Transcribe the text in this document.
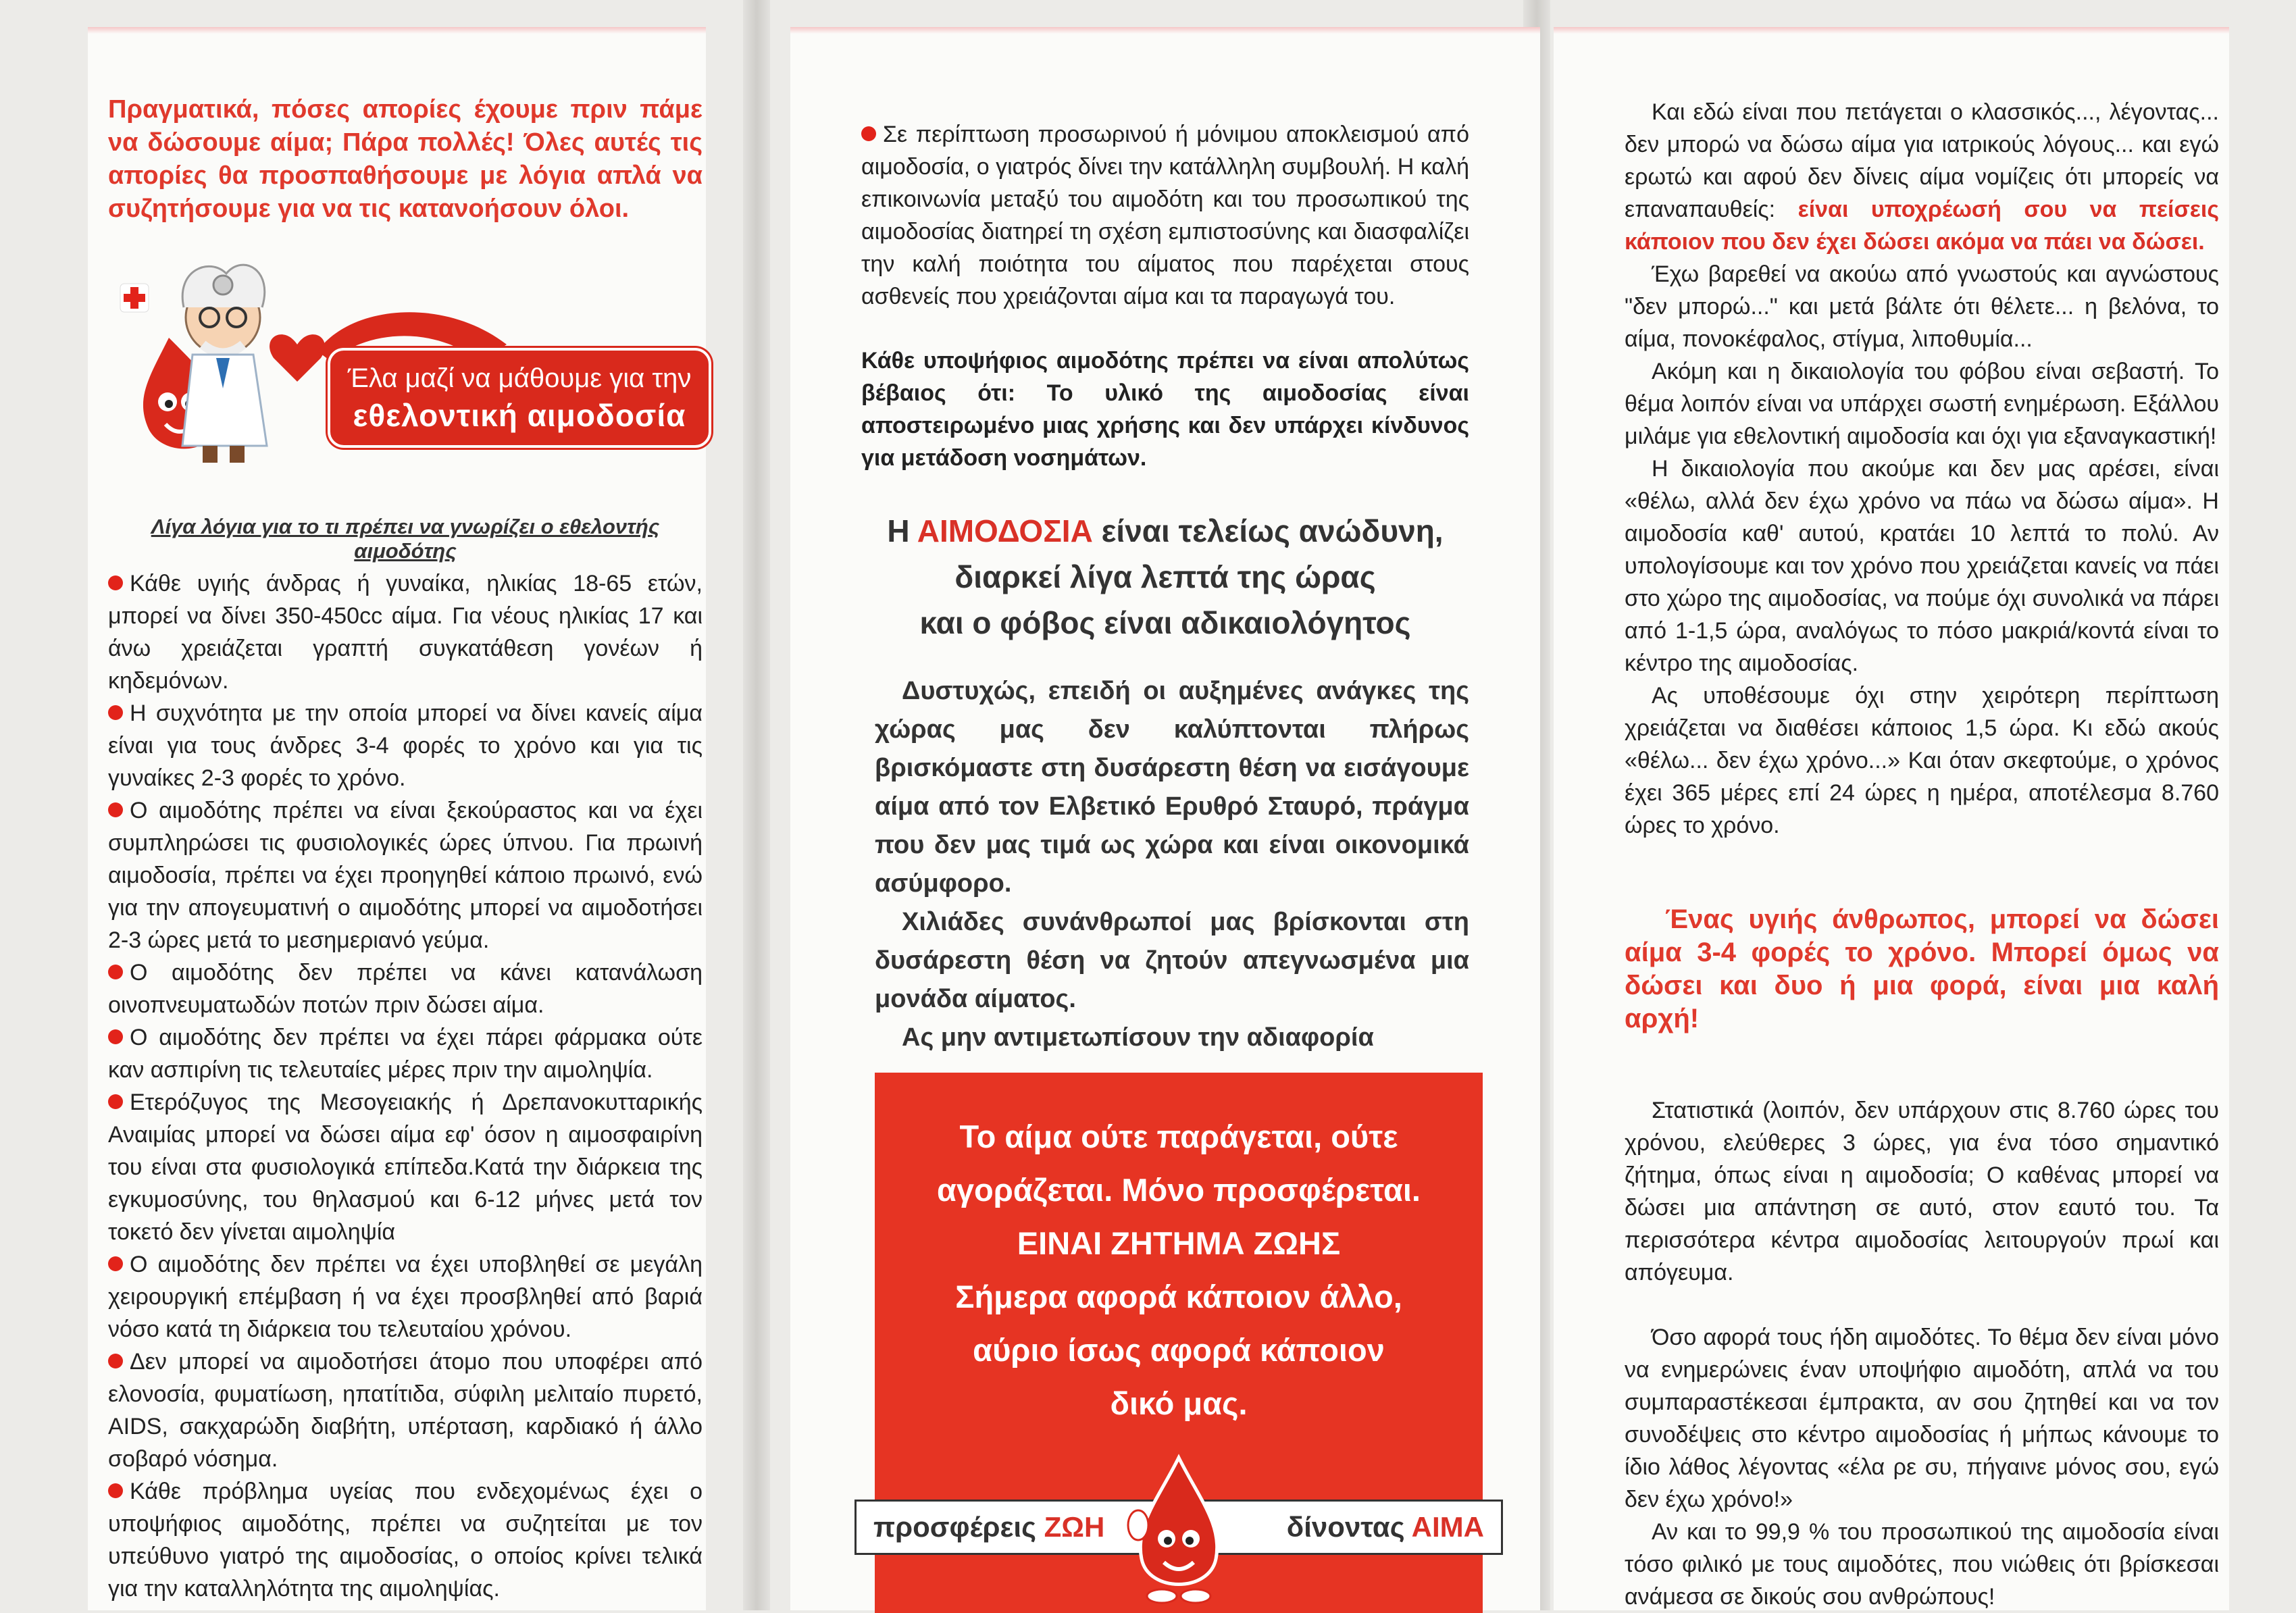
Πραγματικά, πόσες απορίες έχουμε πριν πάμε να δώσουμε αίμα; Πάρα πολλές! Όλες αυτές τις απορίες θα προσπαθήσουμε με λόγια απλά να συζητήσουμε για να τις κατανοήσουν όλοι.
Έλα μαζί να μάθουμε για την
εθελοντική αιμοδοσία
Λίγα λόγια για το τι πρέπει να γνωρίζει ο εθελοντής αιμοδότης
Κάθε υγιής άνδρας ή γυναίκα, ηλικίας 18-65 ετών, μπορεί να δίνει 350-450cc αίμα. Για νέους ηλικίας 17 και άνω χρειάζεται γραπτή συγκατάθεση γονέων ή κηδεμόνων.
Η συχνότητα με την οποία μπορεί να δίνει κανείς αίμα είναι για τους άνδρες 3-4 φορές το χρόνο και για τις γυναίκες 2-3 φορές το χρόνο.
Ο αιμοδότης πρέπει να είναι ξεκούραστος και να έχει συμπληρώσει τις φυσιολογικές ώρες ύπνου. Για πρωινή αιμοδοσία, πρέπει να έχει προηγηθεί κάποιο πρωινό, ενώ για την απογευματινή ο αιμοδότης μπορεί να αιμοδοτήσει 2-3 ώρες μετά το μεσημεριανό γεύμα.
Ο αιμοδότης δεν πρέπει να κάνει κατανάλωση οινοπνευματωδών ποτών πριν δώσει αίμα.
Ο αιμοδότης δεν πρέπει να έχει πάρει φάρμακα ούτε καν ασπιρίνη τις τελευταίες μέρες πριν την αιμοληψία.
Ετερόζυγος της Μεσογειακής ή Δρεπανοκυτταρικής Αναιμίας μπορεί να δώσει αίμα εφ' όσον η αιμοσφαιρίνη του είναι στα φυσιολογικά επίπεδα.Κατά την διάρκεια της εγκυμοσύνης, του θηλασμού και 6-12 μήνες μετά τον τοκετό δεν γίνεται αιμοληψία
Ο αιμοδότης δεν πρέπει να έχει υποβληθεί σε μεγάλη χειρουργική επέμβαση ή να έχει προσβληθεί από βαριά νόσο κατά τη διάρκεια του τελευταίου χρόνου.
Δεν μπορεί να αιμοδοτήσει άτομο που υποφέρει από ελονοσία, φυματίωση, ηπατίτιδα, σύφιλη μελιταίο πυρετό, AIDS, σακχαρώδη διαβήτη, υπέρταση, καρδιακό ή άλλο σοβαρό νόσημα.
Κάθε πρόβλημα υγείας που ενδεχομένως έχει ο υποψήφιος αιμοδότης, πρέπει να συζητείται με τον υπεύθυνο γιατρό της αιμοδοσίας, ο οποίος κρίνει τελικά για την καταλληλότητα της αιμοληψίας.
Σε περίπτωση προσωρινού ή μόνιμου αποκλεισμού από αιμοδοσία, ο γιατρός δίνει την κατάλληλη συμβουλή. Η καλή επικοινωνία μεταξύ του αιμοδότη και του προσωπικού της αιμοδοσίας διατηρεί τη σχέση εμπιστοσύνης και διασφαλίζει την καλή ποιότητα του αίματος που παρέχεται στους ασθενείς που χρειάζονται αίμα και τα παραγωγά του.

Κάθε υποψήφιος αιμοδότης πρέπει να είναι απολύτως βέβαιος ότι: Το υλικό της αιμοδοσίας είναι αποστειρωμένο μιας χρήσης και δεν υπάρχει κίνδυνος για μετάδοση νοσημάτων.

Η ΑΙΜΟΔΟΣΙΑ είναι τελείως ανώδυνη,
διαρκεί λίγα λεπτά της ώρας
και ο φόβος είναι αδικαιολόγητος

Δυστυχώς, επειδή οι αυξημένες ανάγκες της χώρας μας δεν καλύπτονται πλήρως βρισκόμαστε στη δυσάρεστη θέση να εισάγουμε αίμα από τον Ελβετικό Ερυθρό Σταυρό, πράγμα που δεν μας τιμά ως χώρα και είναι οικονομικά ασύμφορο.

Χιλιάδες συνάνθρωποί μας βρίσκονται στη δυσάρεστη θέση να ζητούν απεγνωσμένα μια μονάδα αίματος.

Ας μην αντιμετωπίσουν την αδιαφορία

Το αίμα ούτε παράγεται, ούτε
αγοράζεται. Μόνο προσφέρεται.
ΕΙΝΑΙ ΖΗΤΗΜΑ ΖΩΗΣ
Σήμερα αφορά κάποιον άλλο,
αύριο ίσως αφορά κάποιον
δικό μας.
προσφέρεις ΖΩΗ	δίνοντας ΑΙΜΑ

Και εδώ είναι που πετάγεται ο κλασσικός..., λέγοντας... δεν μπορώ να δώσω αίμα για ιατρικούς λόγους... και εγώ ερωτώ και αφού δεν δίνεις αίμα νομίζεις ότι μπορείς να επαναπαυθείς: είναι υποχρέωσή σου να πείσεις κάποιον που δεν έχει δώσει ακόμα να πάει να δώσει.

Έχω βαρεθεί να ακούω από γνωστούς και αγνώστους "δεν μπορώ..." και μετά βάλτε ότι θέλετε... η βελόνα, το αίμα, πονοκέφαλος, στίγμα, λιποθυμία...

Ακόμη και η δικαιολογία του φόβου είναι σεβαστή. Το θέμα λοιπόν είναι να υπάρχει σωστή ενημέρωση. Εξάλλου μιλάμε για εθελοντική αιμοδοσία και όχι για εξαναγκαστική!

Η δικαιολογία που ακούμε και δεν μας αρέσει, είναι «θέλω, αλλά δεν έχω χρόνο να πάω να δώσω αίμα». Η αιμοδοσία καθ' αυτού, κρατάει 10 λεπτά το πολύ. Αν υπολογίσουμε και τον χρόνο που χρειάζεται κανείς να πάει στο χώρο της αιμοδοσίας, να πούμε όχι συνολικά να πάρει από 1-1,5 ώρα, αναλόγως το πόσο μακριά/κοντά είναι το κέντρο της αιμοδοσίας.

Ας υποθέσουμε όχι στην χειρότερη περίπτωση χρειάζεται να διαθέσει κάποιος 1,5 ώρα. Κι εδώ ακούς «θέλω... δεν έχω χρόνο...» Και όταν σκεφτούμε, ο χρόνος έχει 365 μέρες επί 24 ώρες η ημέρα, αποτέλεσμα 8.760 ώρες το χρόνο.

Ένας υγιής άνθρωπος, μπορεί να δώσει αίμα 3-4 φορές το χρόνο. Μπορεί όμως να δώσει και δυο ή μια φορά, είναι μια καλή αρχή!

Στατιστικά (λοιπόν, δεν υπάρχουν στις 8.760 ώρες του χρόνου, ελεύθερες 3 ώρες, για ένα τόσο σημαντικό ζήτημα, όπως είναι η αιμοδοσία; Ο καθένας μπορεί να δώσει μια απάντηση σε αυτό, στον εαυτό του. Τα περισσότερα κέντρα αιμοδοσίας λειτουργούν πρωί και απόγευμα.

Όσο αφορά τους ήδη αιμοδότες. Το θέμα δεν είναι μόνο να ενημερώνεις έναν υποψήφιο αιμοδότη, απλά να του συμπαραστέκεσαι έμπρακτα, αν σου ζητηθεί και να τον συνοδέψεις στο κέντρο αιμοδοσίας ή μήπως κάνουμε το ίδιο λάθος λέγοντας «έλα ρε συ, πήγαινε μόνος σου, εγώ δεν έχω χρόνο!»

Αν και το 99,9 % του προσωπικού της αιμοδοσία είναι τόσο φιλικό με τους αιμοδότες, που νιώθεις ότι βρίσκεσαι ανάμεσα σε δικούς σου ανθρώπους!
